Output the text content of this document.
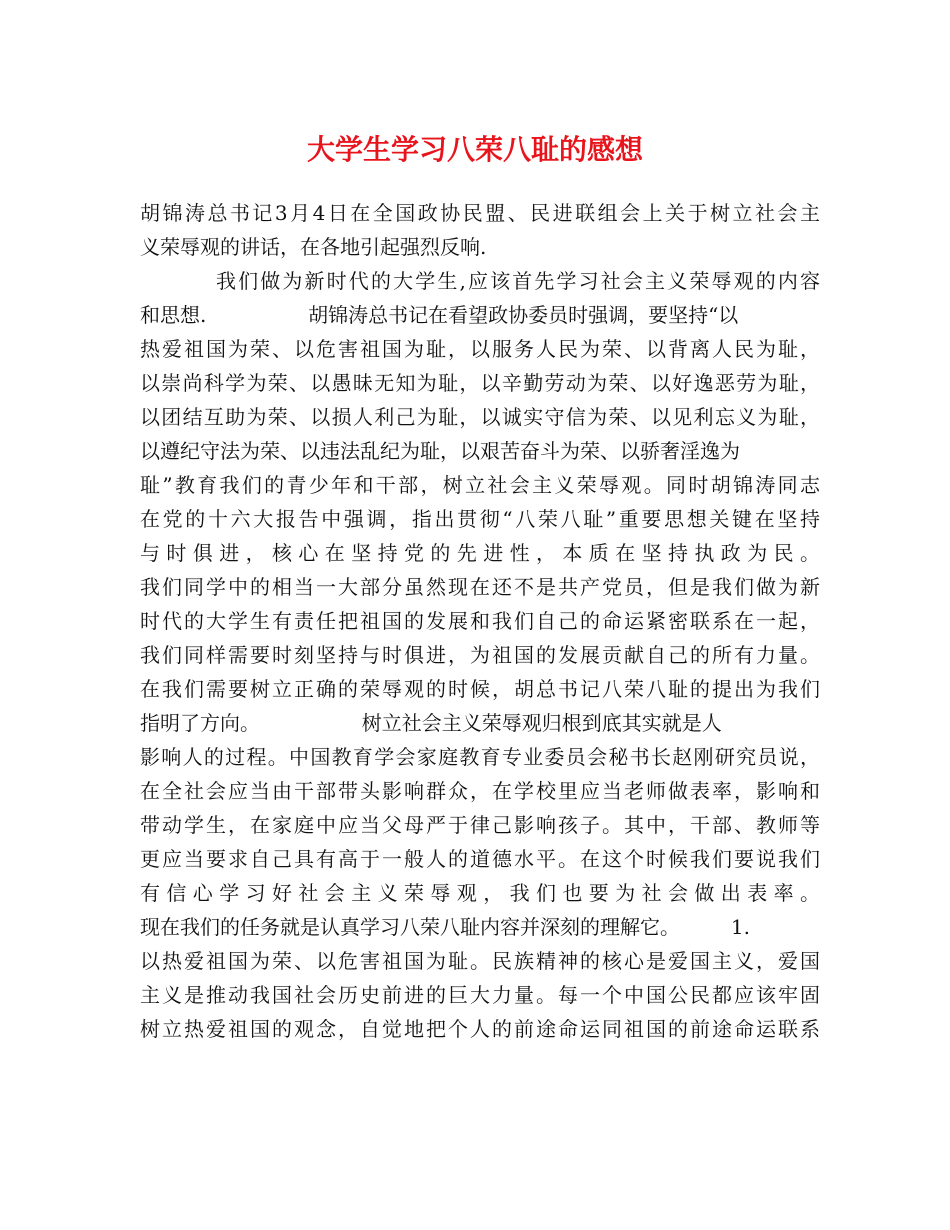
大学生学习八荣八耻的感想
胡锦涛总书记3月4日在全国政协民盟、民进联组会上关于树立社会主
义荣辱观的讲话，在各地引起强烈反响.
我们做为新时代的大学生,应该首先学习社会主义荣辱观的内容
和思想.                胡锦涛总书记在看望政协委员时强调，要坚持“以
热爱祖国为荣、以危害祖国为耻，以服务人民为荣、以背离人民为耻，
以崇尚科学为荣、以愚昧无知为耻，以辛勤劳动为荣、以好逸恶劳为耻，
以团结互助为荣、以损人利己为耻，以诚实守信为荣、以见利忘义为耻，
以遵纪守法为荣、以违法乱纪为耻，以艰苦奋斗为荣、以骄奢淫逸为
耻”教育我们的青少年和干部，树立社会主义荣辱观。同时胡锦涛同志
在党的十六大报告中强调，指出贯彻“八荣八耻”重要思想关键在坚持
与时俱进，核心在坚持党的先进性，本质在坚持执政为民。
我们同学中的相当一大部分虽然现在还不是共产党员，但是我们做为新
时代的大学生有责任把祖国的发展和我们自己的命运紧密联系在一起，
我们同样需要时刻坚持与时俱进，为祖国的发展贡献自己的所有力量。
在我们需要树立正确的荣辱观的时候，胡总书记八荣八耻的提出为我们
指明了方向。                树立社会主义荣辱观归根到底其实就是人
影响人的过程。中国教育学会家庭教育专业委员会秘书长赵刚研究员说，
在全社会应当由干部带头影响群众，在学校里应当老师做表率，影响和
带动学生，在家庭中应当父母严于律己影响孩子。其中，干部、教师等
更应当要求自己具有高于一般人的道德水平。在这个时候我们要说我们
有信心学习好社会主义荣辱观，我们也要为社会做出表率。
现在我们的任务就是认真学习八荣八耻内容并深刻的理解它。        1.
以热爱祖国为荣、以危害祖国为耻。民族精神的核心是爱国主义，爱国
主义是推动我国社会历史前进的巨大力量。每一个中国公民都应该牢固
树立热爱祖国的观念，自觉地把个人的前途命运同祖国的前途命运联系
